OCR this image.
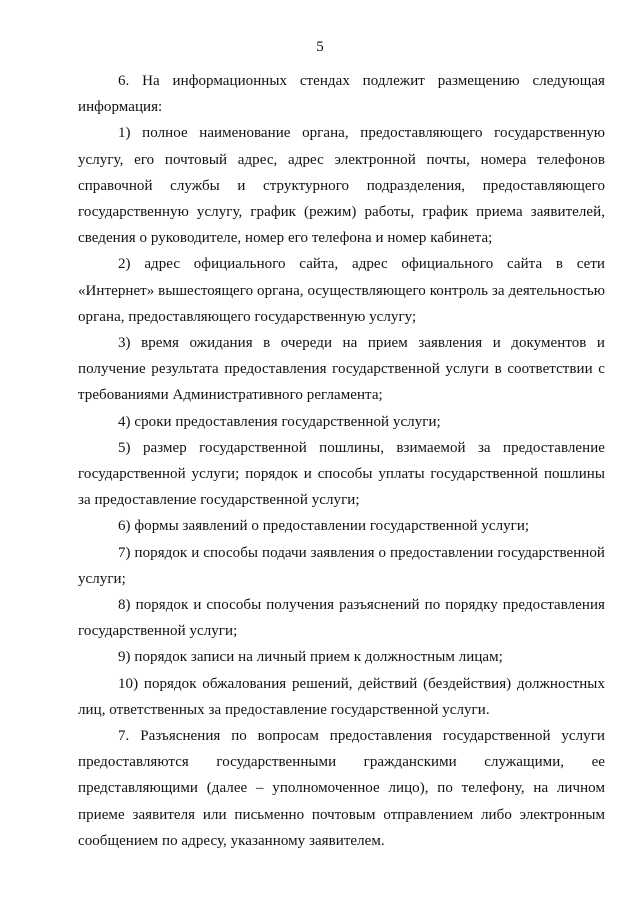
5

6. На информационных стендах подлежит размещению следующая информация:

1) полное наименование органа, предоставляющего государственную услугу, его почтовый адрес, адрес электронной почты, номера телефонов справочной службы и структурного подразделения, предоставляющего государственную услугу, график (режим) работы, график приема заявителей, сведения о руководителе, номер его телефона и номер кабинета;

2) адрес официального сайта, адрес официального сайта в сети «Интернет» вышестоящего органа, осуществляющего контроль за деятельностью органа, предоставляющего государственную услугу;

3) время ожидания в очереди на прием заявления и документов и получение результата предоставления государственной услуги в соответствии с требованиями Административного регламента;

4) сроки предоставления государственной услуги;

5) размер государственной пошлины, взимаемой за предоставление государственной услуги; порядок и способы уплаты государственной пошлины за предоставление государственной услуги;

6) формы заявлений о предоставлении государственной услуги;

7) порядок и способы подачи заявления о предоставлении государственной услуги;

8) порядок и способы получения разъяснений по порядку предоставления государственной услуги;

9) порядок записи на личный прием к должностным лицам;

10) порядок обжалования решений, действий (бездействия) должностных лиц, ответственных за предоставление государственной услуги.

7. Разъяснения по вопросам предоставления государственной услуги предоставляются государственными гражданскими служащими, ее представляющими (далее – уполномоченное лицо), по телефону, на личном приеме заявителя или письменно почтовым отправлением либо электронным сообщением по адресу, указанному заявителем.
